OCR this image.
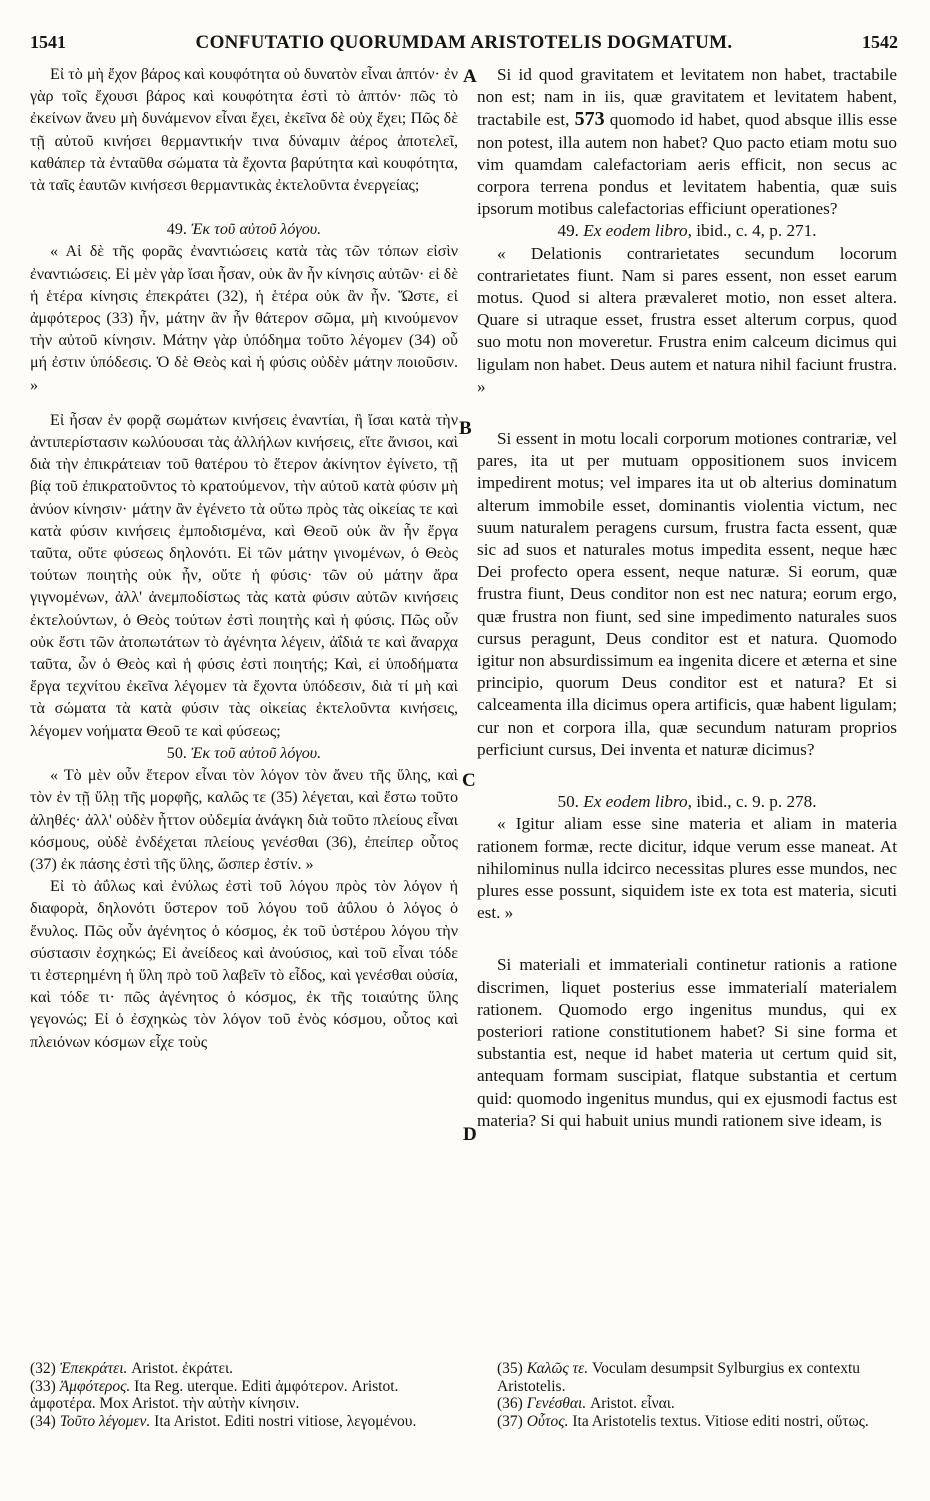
1541	CONFUTATIO QUORUMDAM ARISTOTELIS DOGMATUM.	1542

Εἰ τὸ μὴ ἔχον βάρος καὶ κουφότητα οὐ δυνατὸν εἶναι ἁπτόν· ἐν γὰρ τοῖς ἔχουσι βάρος καὶ κουφότητα ἐστὶ τὸ ἁπτόν· πῶς τὸ ἐκείνων ἄνευ μὴ δυνάμενον εἶναι ἔχει, ἐκεῖνα δὲ οὐχ ἔχει; Πῶς δὲ τῇ αὐτοῦ κινήσει θερμαντικήν τινα δύναμιν ἀέρος ἀποτελεῖ, καθάπερ τὰ ἐνταῦθα σώματα τὰ ἔχοντα βαρύτητα καὶ κουφότητα, τὰ ταῖς ἑαυτῶν κινήσεσι θερμαντικὰς ἐκτελοῦντα ἐνεργείας;

49. Ἐκ τοῦ αὐτοῦ λόγου.

« Αἱ δὲ τῆς φορᾶς ἐναντιώσεις κατὰ τὰς τῶν τόπων εἰσὶν ἐναντιώσεις. Εἰ μὲν γὰρ ἴσαι ἦσαν, οὐκ ἂν ἦν κίνησις αὐτῶν· εἰ δὲ ἡ ἑτέρα κίνησις ἐπεκράτει (32), ἡ ἑτέρα οὐκ ἂν ἦν. Ὥστε, εἰ ἀμφότερος (33) ἦν, μάτην ἂν ἦν θάτερον σῶμα, μὴ κινούμενον τὴν αὐτοῦ κίνησιν. Μάτην γὰρ ὑπόδημα τοῦτο λέγομεν (34) οὗ μή ἐστιν ὑπόδεσις. Ὁ δὲ Θεὸς καὶ ἡ φύσις οὐδὲν μάτην ποιοῦσιν. »

Εἰ ἦσαν ἐν φορᾷ σωμάτων κινήσεις ἐναντίαι, ἢ ἴσαι κατὰ τὴν ἀντιπερίστασιν κωλύουσαι τὰς ἀλλήλων κινήσεις, εἴτε ἄνισοι, καὶ διὰ τὴν ἐπικράτειαν τοῦ θατέρου τὸ ἕτερον ἀκίνητον ἐγίνετο, τῇ βίᾳ τοῦ ἐπικρατοῦντος τὸ κρατούμενον, τὴν αὐτοῦ κατὰ φύσιν μὴ ἀνύον κίνησιν· μάτην ἂν ἐγένετο τὰ οὕτω πρὸς τὰς οἰκείας τε καὶ κατὰ φύσιν κινήσεις ἐμποδισμένα, καὶ Θεοῦ οὐκ ἂν ἦν ἔργα ταῦτα, οὔτε φύσεως δηλονότι. Εἰ τῶν μάτην γινομένων, ὁ Θεὸς τούτων ποιητὴς οὐκ ἦν, οὔτε ἡ φύσις· τῶν οὐ μάτην ἄρα γιγνομένων, ἀλλ' ἀνεμποδίστως τὰς κατὰ φύσιν αὐτῶν κινήσεις ἐκτελούντων, ὁ Θεὸς τούτων ἐστὶ ποιητὴς καὶ ἡ φύσις. Πῶς οὖν οὐκ ἔστι τῶν ἀτοπωτάτων τὸ ἀγένητα λέγειν, ἀΐδιά τε καὶ ἄναρχα ταῦτα, ὧν ὁ Θεὸς καὶ ἡ φύσις ἐστὶ ποιητής; Καὶ, εἰ ὑποδήματα ἔργα τεχνίτου ἐκεῖνα λέγομεν τὰ ἔχοντα ὑπόδεσιν, διὰ τί μὴ καὶ τὰ σώματα τὰ κατὰ φύσιν τὰς οἰκείας ἐκτελοῦντα κινήσεις, λέγομεν νοήματα Θεοῦ τε καὶ φύσεως;

50. Ἐκ τοῦ αὐτοῦ λόγου.

« Τὸ μὲν οὖν ἕτερον εἶναι τὸν λόγον τὸν ἄνευ τῆς ὕλης, καὶ τὸν ἐν τῇ ὕλῃ τῆς μορφῆς, καλῶς τε (35) λέγεται, καὶ ἔστω τοῦτο ἀληθές· ἀλλ' οὐδὲν ἧττον οὐδεμία ἀνάγκη διὰ τοῦτο πλείους εἶναι κόσμους, οὐδὲ ἐνδέχεται πλείους γενέσθαι (36), ἐπείπερ οὗτος (37) ἐκ πάσης ἐστὶ τῆς ὕλης, ὥσπερ ἐστίν. »

Εἰ τὸ ἀΰλως καὶ ἐνύλως ἐστὶ τοῦ λόγου πρὸς τὸν λόγον ἡ διαφορὰ, δηλονότι ὕστερον τοῦ λόγου τοῦ ἀΰλου ὁ λόγος ὁ ἔνυλος. Πῶς οὖν ἀγένητος ὁ κόσμος, ἐκ τοῦ ὑστέρου λόγου τὴν σύστασιν ἐσχηκώς; Εἰ ἀνείδεος καὶ ἀνούσιος, καὶ τοῦ εἶναι τόδε τι ἐστερημένη ἡ ὕλη πρὸ τοῦ λαβεῖν τὸ εἶδος, καὶ γενέσθαι οὐσία, καὶ τόδε τι· πῶς ἀγένητος ὁ κόσμος, ἐκ τῆς τοιαύτης ὕλης γεγονώς; Εἰ ὁ ἐσχηκὼς τὸν λόγον τοῦ ἑνὸς κόσμου, οὗτος καὶ πλειόνων κόσμων εἶχε τοὺς

Si id quod gravitatem et levitatem non habet, tractabile non est; nam in iis, quæ gravitatem et levitatem habent, tractabile est, 573 quomodo id habet, quod absque illis esse non potest, illa autem non habet? Quo pacto etiam motu suo vim quamdam calefactoriam aeris efficit, non secus ac corpora terrena pondus et levitatem habentia, quæ suis ipsorum motibus calefactorias efficiunt operationes?

49. Ex eodem libro, ibid., c. 4, p. 271.

« Delationis contrarietates secundum locorum contrarietates fiunt. Nam si pares essent, non esset earum motus. Quod si altera prævaleret motio, non esset altera. Quare si utraque esset, frustra esset alterum corpus, quod suo motu non moveretur. Frustra enim calceum dicimus qui ligulam non habet. Deus autem et natura nihil faciunt frustra. »

Si essent in motu locali corporum motiones contrariæ, vel pares, ita ut per mutuam oppositionem suos invicem impedirent motus; vel impares ita ut ob alterius dominatum alterum immobile esset, dominantis violentia victum, nec suum naturalem peragens cursum, frustra facta essent, quæ sic ad suos et naturales motus impedita essent, neque hæc Dei profecto opera essent, neque naturæ. Si eorum, quæ frustra fiunt, Deus conditor non est nec natura; eorum ergo, quæ frustra non fiunt, sed sine impedimento naturales suos cursus peragunt, Deus conditor est et natura. Quomodo igitur non absurdissimum ea ingenita dicere et æterna et sine principio, quorum Deus conditor est et natura? Et si calceamenta illa dicimus opera artificis, quæ habent ligulam; cur non et corpora illa, quæ secundum naturam proprios perficiunt cursus, Dei inventa et naturæ dicimus?

50. Ex eodem libro, ibid., c. 9. p. 278.

« Igitur aliam esse sine materia et aliam in materia rationem formæ, recte dicitur, idque verum esse maneat. At nihilominus nulla idcirco necessitas plures esse mundos, nec plures esse possunt, siquidem iste ex tota est materia, sicuti est. »

Si materiali et immateriali continetur rationis a ratione discrimen, liquet posterius esse immaterialí materialem rationem. Quomodo ergo ingenitus mundus, qui ex posteriori ratione constitutionem habet? Si sine forma et substantia est, neque id habet materia ut certum quid sit, antequam formam suscipiat, flatque substantia et certum quid: quomodo ingenitus mundus, qui ex ejusmodi factus est materia? Si qui habuit unius mundi rationem sive ideam, is

A
B
C
D
(32) Ἐπεκράτει. Aristot. ἐκράτει.
(33) Ἀμφότερος. Ita Reg. uterque. Editi ἀμφότερον. Aristot. ἀμφοτέρα. Mox Aristot. τὴν αὐτὴν κίνησιν.
(34) Τοῦτο λέγομεν. Ita Aristot. Editi nostri vitiose, λεγομένου.
(35) Καλῶς τε. Voculam desumpsit Sylburgius ex contextu Aristotelis.
(36) Γενέσθαι. Aristot. εἶναι.
(37) Οὗτος. Ita Aristotelis textus. Vitiose editi nostri, οὕτως.
